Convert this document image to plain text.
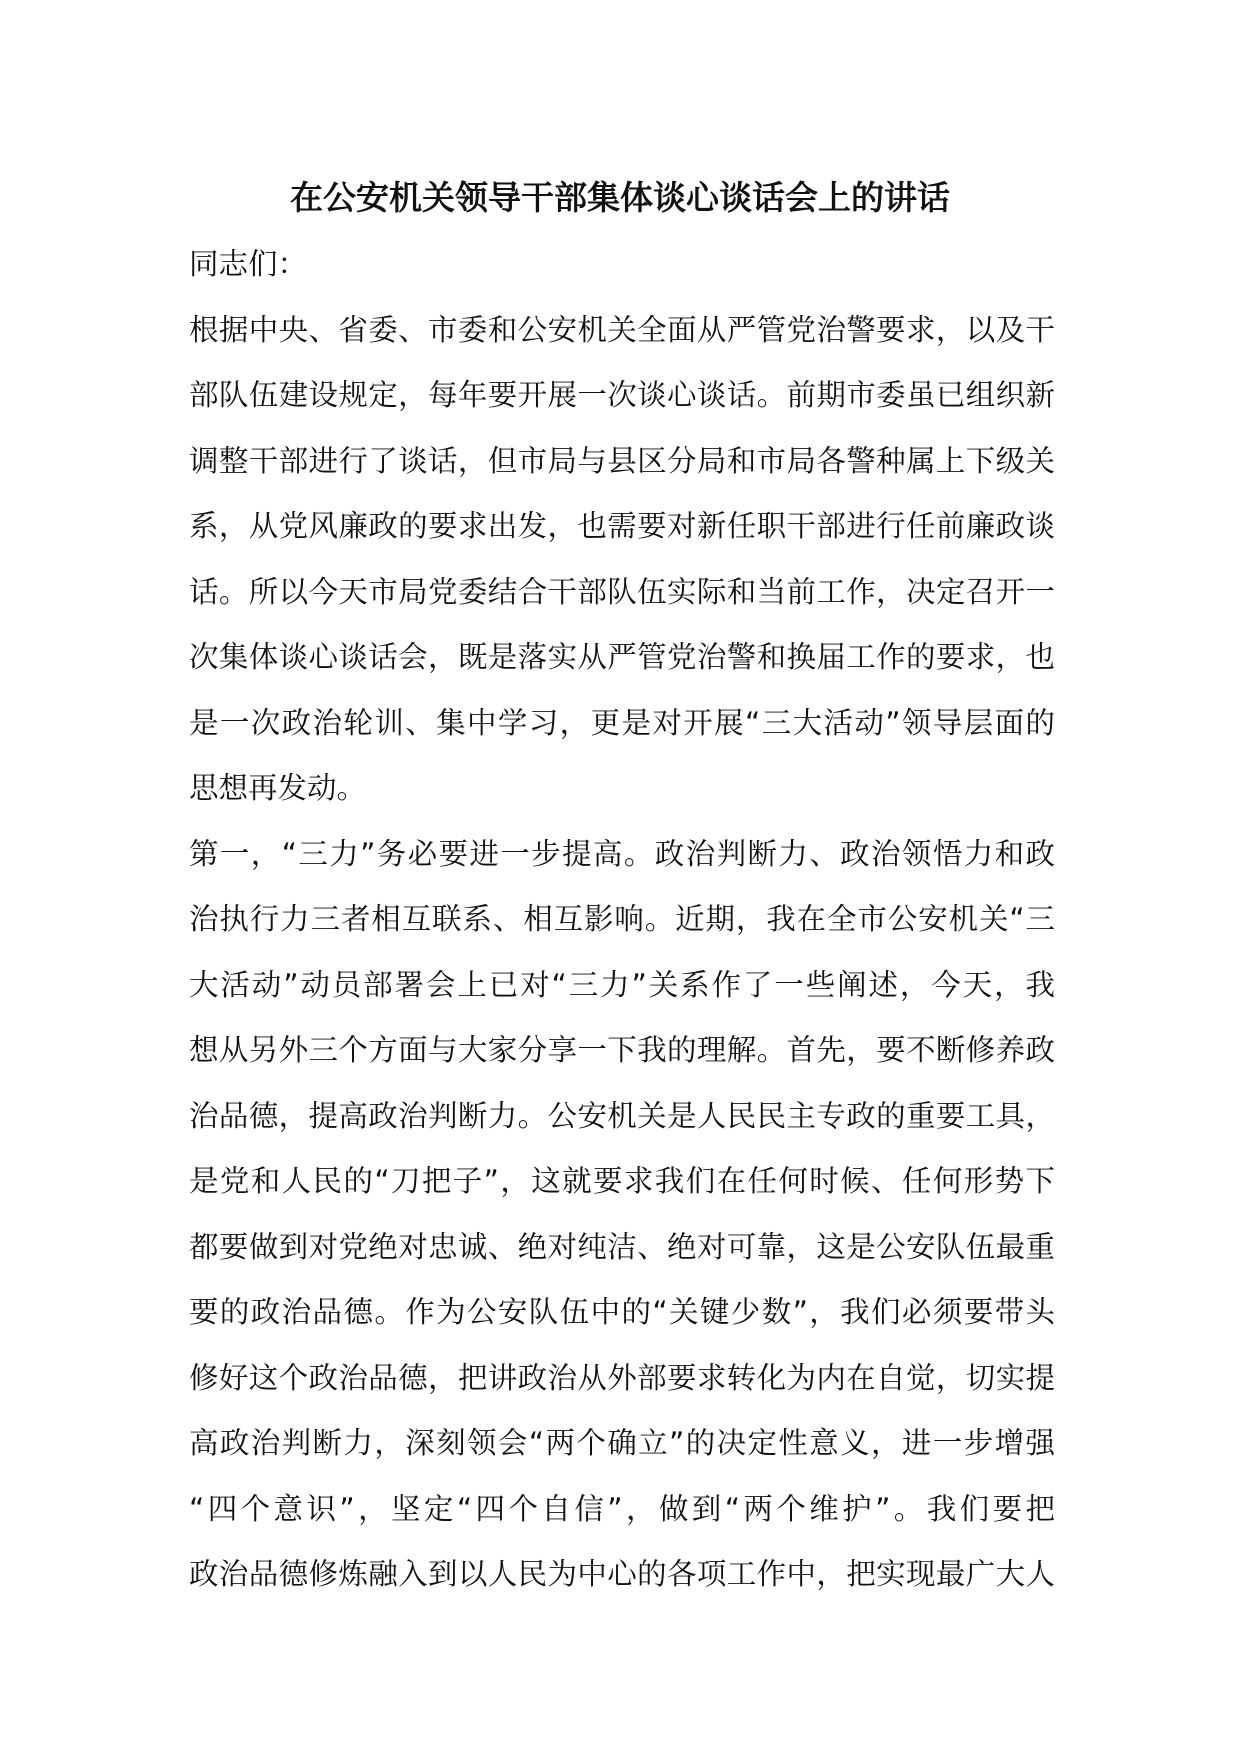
在公安机关领导干部集体谈心谈话会上的讲话
同志们：
根据中央、省委、市委和公安机关全面从严管党治警要求，以及干
部队伍建设规定，每年要开展一次谈心谈话。前期市委虽已组织新
调整干部进行了谈话，但市局与县区分局和市局各警种属上下级关
系，从党风廉政的要求出发，也需要对新任职干部进行任前廉政谈
话。所以今天市局党委结合干部队伍实际和当前工作，决定召开一
次集体谈心谈话会，既是落实从严管党治警和换届工作的要求，也
是一次政治轮训、集中学习，更是对开展“三大活动”领导层面的
思想再发动。
第一，“三力”务必要进一步提高。政治判断力、政治领悟力和政
治执行力三者相互联系、相互影响。近期，我在全市公安机关“三
大活动”动员部署会上已对“三力”关系作了一些阐述，今天，我
想从另外三个方面与大家分享一下我的理解。首先，要不断修养政
治品德，提高政治判断力。公安机关是人民民主专政的重要工具，
是党和人民的“刀把子”，这就要求我们在任何时候、任何形势下
都要做到对党绝对忠诚、绝对纯洁、绝对可靠，这是公安队伍最重
要的政治品德。作为公安队伍中的“关键少数”，我们必须要带头
修好这个政治品德，把讲政治从外部要求转化为内在自觉，切实提
高政治判断力，深刻领会“两个确立”的决定性意义，进一步增强
“四个意识”，坚定“四个自信”，做到“两个维护”。我们要把
政治品德修炼融入到以人民为中心的各项工作中，把实现最广大人
